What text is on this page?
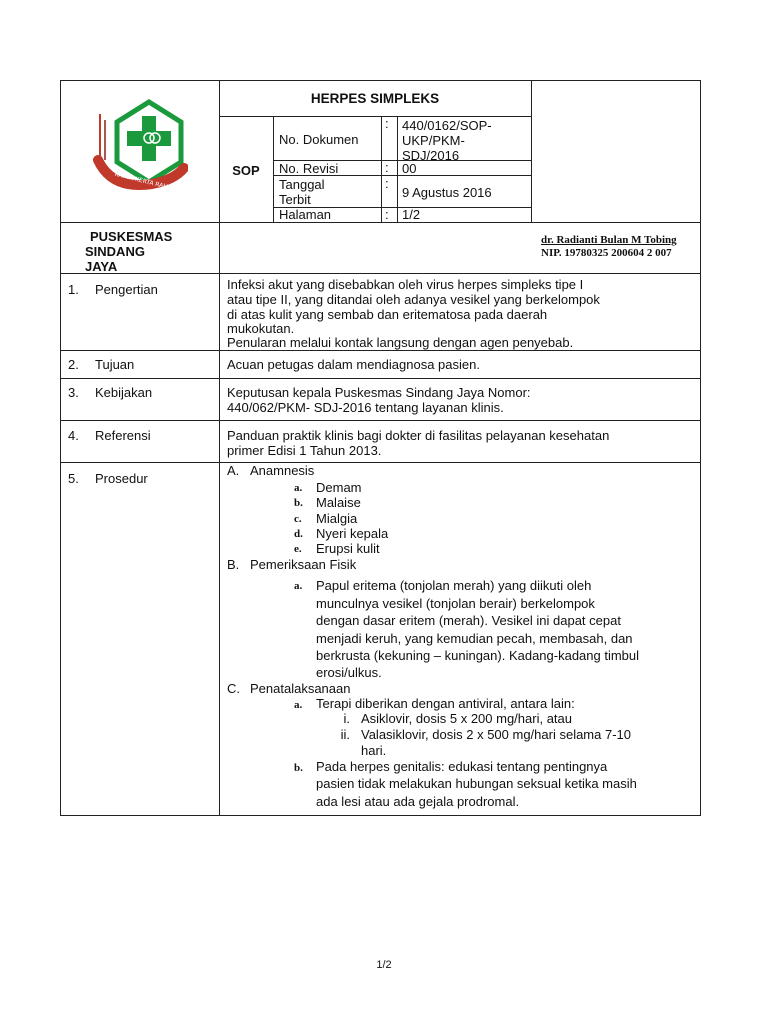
KARYA KERTA RAHARJA
HERPES SIMPLEKS
SOP
No. Dokumen
: 440/0162/SOP-
UKP/PKM-
SDJ/2016
No. Revisi	: 00
Tanggal
Terbit
:
9 Agustus 2016
Halaman	: 1/2
PUSKESMAS
SINDANG
JAYA
dr. Radianti Bulan M Tobing
NIP. 19780325 200604 2 007
1. Pengertian
2. Tujuan
3. Kebijakan
4. Referensi
5. Prosedur
Infeksi akut yang disebabkan oleh virus herpes simpleks tipe I
atau tipe II, yang ditandai oleh adanya vesikel yang berkelompok
di atas kulit yang sembab dan eritematosa pada daerah
mukokutan.
Penularan melalui kontak langsung dengan agen penyebab.
Acuan petugas dalam mendiagnosa pasien.
Keputusan kepala Puskesmas Sindang Jaya Nomor:
440/062/PKM- SDJ-2016 tentang layanan klinis.
Panduan praktik klinis bagi dokter di fasilitas pelayanan kesehatan
primer Edisi 1 Tahun 2013.
A. Anamnesis
a. Demam
b. Malaise
c. Mialgia
d. Nyeri kepala
e. Erupsi kulit
B. Pemeriksaan Fisik
a. Papul eritema (tonjolan merah) yang diikuti oleh
munculnya vesikel (tonjolan berair) berkelompok
dengan dasar eritem (merah). Vesikel ini dapat cepat
menjadi keruh, yang kemudian pecah, membasah, dan
berkrusta (kekuning – kuningan). Kadang-kadang timbul
erosi/ulkus.
C. Penatalaksanaan
a. Terapi diberikan dengan antiviral, antara lain:
i. Asiklovir, dosis 5 x 200 mg/hari, atau
ii. Valasiklovir, dosis 2 x 500 mg/hari selama 7-10
hari.
b. Pada herpes genitalis: edukasi tentang pentingnya
pasien tidak melakukan hubungan seksual ketika masih
ada lesi atau ada gejala prodromal.
1/2
